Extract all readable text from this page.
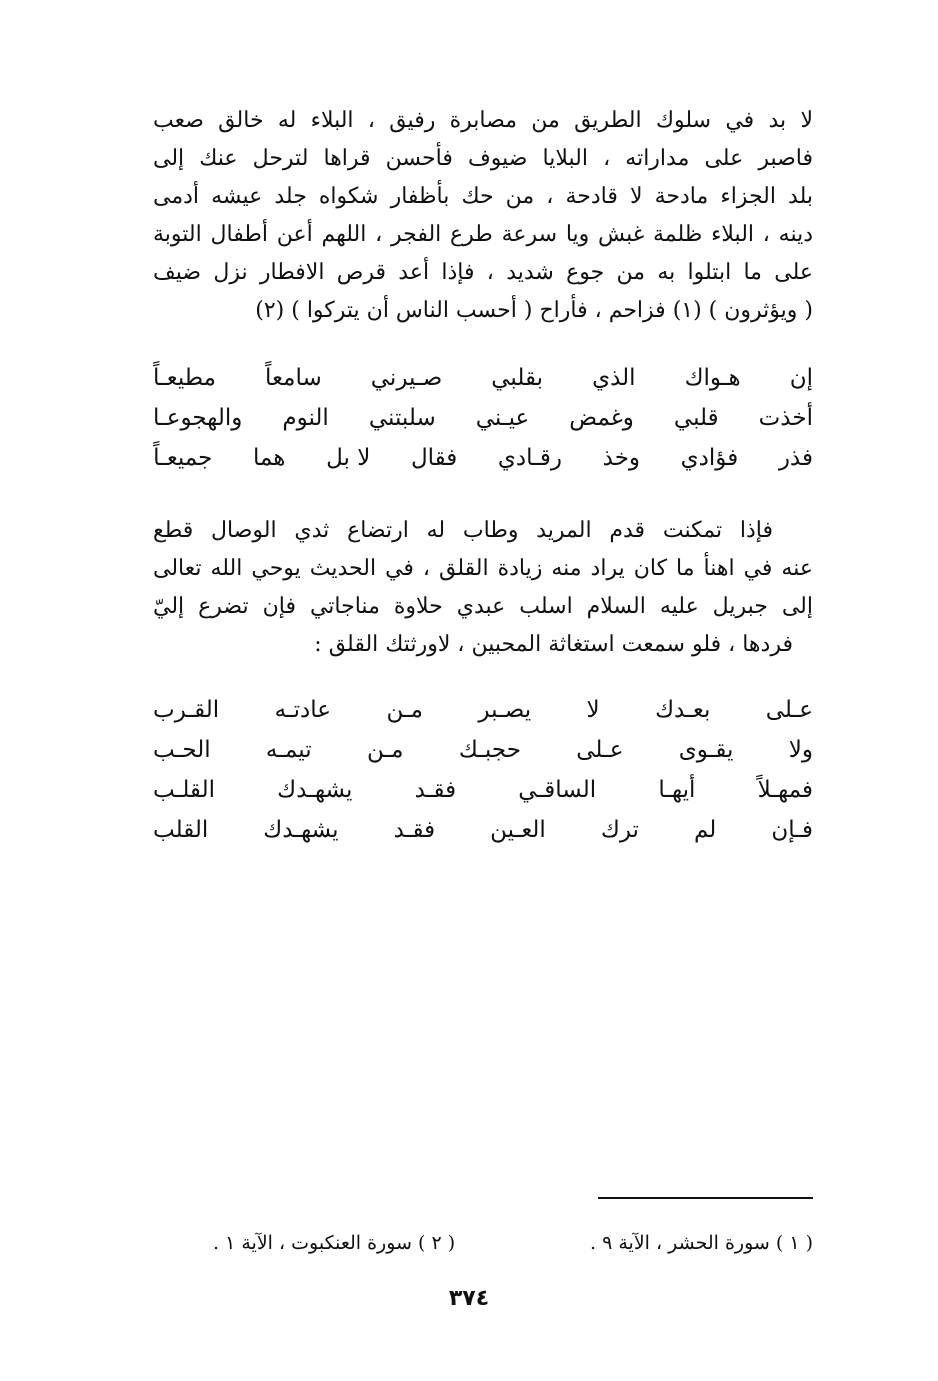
لا بد في سلوك الطريق من مصابرة رفيق ، البلاء له خالق صعب
فاصبر على مداراته ، البلايا ضيوف فأحسن قراها لترحل عنك إلى
بلد الجزاء مادحة لا قادحة ، من حك بأظفار شكواه جلد عيشه أدمى
دينه ، البلاء ظلمة غبش ويا سرعة طرع الفجر ، اللهم أعن أطفال التوبة
على ما ابتلوا به من جوع شديد ، فإذا أعد قرص الافطار نزل ضيف
( ويؤثرون ) (١) فزاحم ، فأراح ( أحسب الناس أن يتركوا ) (٢)
إن
هـواك
الذي
بقلبي
صـيرني
سامعاً
مطيعـاً
أخذت
قلبي
وغمض
عيـني
سلبتني
النوم
والهجوعـا
فذر
فؤادي
وخذ
رقـادي
فقال
لا بل
هما
جميعـاً
فإذا تمكنت قدم المريد وطاب له ارتضاع ثدي الوصال قطع
عنه في اهنأ ما كان يراد منه زيادة القلق ، في الحديث يوحي الله تعالى
إلى جبريل عليه السلام اسلب عبدي حلاوة مناجاتي فإن تضرع إليّ
فردها ، فلو سمعت استغاثة المحبين ، لاورثتك القلق :
عـلى
بعـدك
لا
يصـبر
مـن
عادتـه
القـرب
ولا
يقـوى
عـلى
حجبـك
مـن
تيمـه
الحـب
فمهـلاً
أيهـا
الساقـي
فقـد
يشهـدك
القلـب
فـإن
لم
ترك
العـين
فقـد
يشهـدك
القلب
( ١ ) سورة الحشر ، الآية ٩ .
( ٢ ) سورة العنكبوت ، الآية ١ .
٣٧٤
